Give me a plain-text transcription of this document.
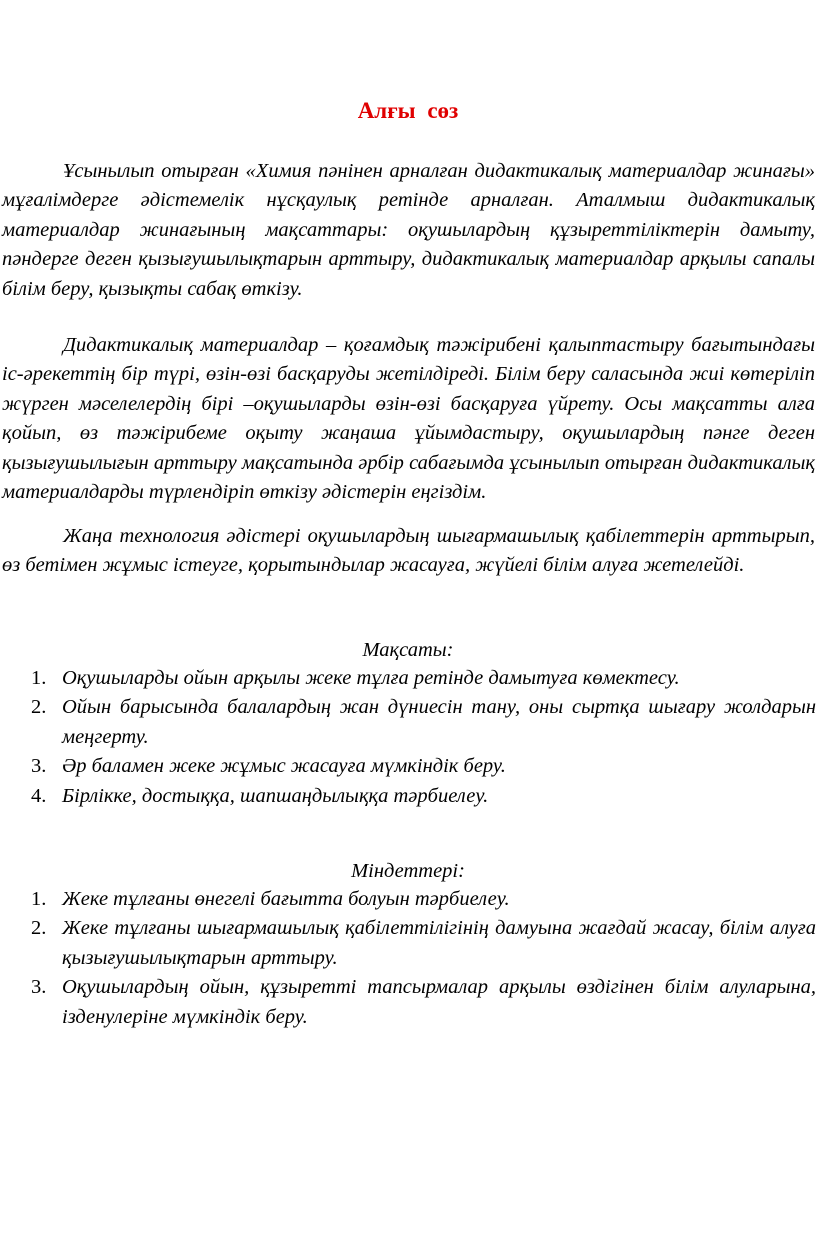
Алғы сөз

Ұсынылып отырған «Химия пәнінен арналған дидактикалық материалдар жинағы» мұғалімдерге әдістемелік нұсқаулық ретінде арналған. Аталмыш дидактикалық материалдар жинағының мақсаттары: оқушылардың құзыреттіліктерін дамыту, пәндерге деген қызығушылықтарын арттыру, дидактикалық материалдар арқылы сапалы білім беру, қызықты сабақ өткізу.

Дидактикалық материалдар – қоғамдық тәжірибені қалыптастыру бағытындағы іс-әрекеттің бір түрі, өзін-өзі басқаруды жетілдіреді. Білім беру саласында жиі көтеріліп жүрген мәселелердің бірі –оқушыларды өзін-өзі басқаруға үйрету. Осы мақсатты алға қойып, өз тәжірибеме оқыту жаңаша ұйымдастыру, оқушылардың пәнге деген қызығушылығын арттыру мақсатында әрбір сабағымда ұсынылып отырған дидактикалық материалдарды түрлендіріп өткізу әдістерін еңгіздім.

Жаңа технология әдістері оқушылардың шығармашылық қабілеттерін арттырып, өз бетімен жұмыс істеуге, қорытындылар жасауға, жүйелі білім алуға жетелейді.

Мақсаты:

1. Оқушыларды ойын арқылы жеке тұлға ретінде дамытуға көмектесу.
2. Ойын барысында балалардың жан дүниесін тану, оны сыртқа шығару жолдарын меңгерту.
3. Әр баламен жеке жұмыс жасауға мүмкіндік беру.
4. Бірлікке, достыққа, шапшаңдылыққа тәрбиелеу.

Міндеттері:

1. Жеке тұлғаны өнегелі бағытта болуын тәрбиелеу.
2. Жеке тұлғаны шығармашылық қабілеттілігінің дамуына жағдай жасау, білім алуға қызығушылықтарын арттыру.
3. Оқушылардың ойын, құзыретті тапсырмалар арқылы өздігінен білім алуларына, ізденулеріне мүмкіндік беру.
